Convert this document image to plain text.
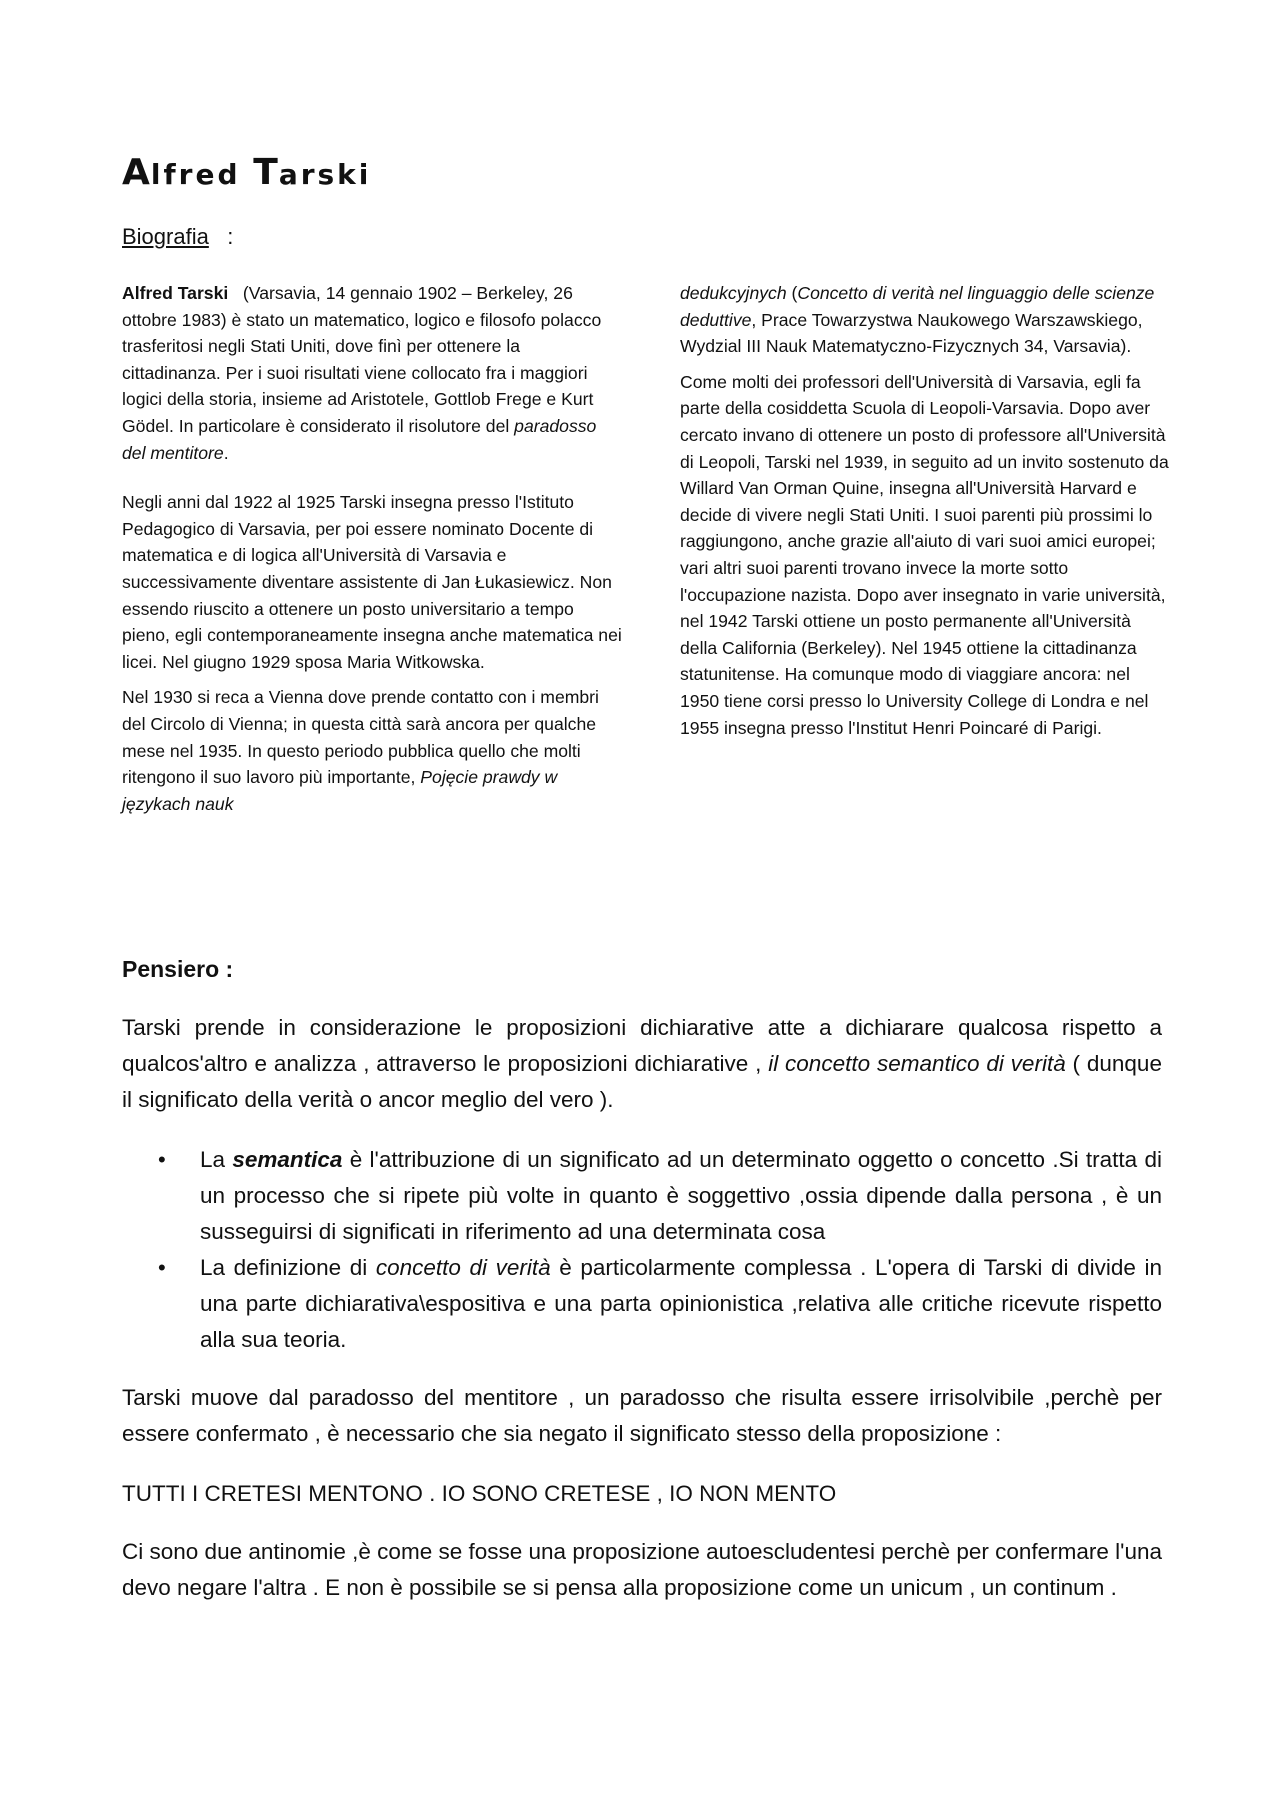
Alfred Tarski
Biografia :

Alfred Tarski (Varsavia, 14 gennaio 1902 – Berkeley, 26 ottobre 1983) è stato un matematico, logico e filosofo polacco trasferitosi negli Stati Uniti, dove finì per ottenere la cittadinanza. Per i suoi risultati viene collocato fra i maggiori logici della storia, insieme ad Aristotele, Gottlob Frege e Kurt Gödel. In particolare è considerato il risolutore del paradosso del mentitore.

Negli anni dal 1922 al 1925 Tarski insegna presso l'Istituto Pedagogico di Varsavia, per poi essere nominato Docente di matematica e di logica all'Università di Varsavia e successivamente diventare assistente di Jan Łukasiewicz. Non essendo riuscito a ottenere un posto universitario a tempo pieno, egli contemporaneamente insegna anche matematica nei licei. Nel giugno 1929 sposa Maria Witkowska.

Nel 1930 si reca a Vienna dove prende contatto con i membri del Circolo di Vienna; in questa città sarà ancora per qualche mese nel 1935. In questo periodo pubblica quello che molti ritengono il suo lavoro più importante, Pojęcie prawdy w językach nauk

dedukcyjnych (Concetto di verità nel linguaggio delle scienze deduttive, Prace Towarzystwa Naukowego Warszawskiego, Wydzial III Nauk Matematyczno-Fizycznych 34, Varsavia).

Come molti dei professori dell'Università di Varsavia, egli fa parte della cosiddetta Scuola di Leopoli-Varsavia. Dopo aver cercato invano di ottenere un posto di professore all'Università di Leopoli, Tarski nel 1939, in seguito ad un invito sostenuto da Willard Van Orman Quine, insegna all'Università Harvard e decide di vivere negli Stati Uniti. I suoi parenti più prossimi lo raggiungono, anche grazie all'aiuto di vari suoi amici europei; vari altri suoi parenti trovano invece la morte sotto l'occupazione nazista. Dopo aver insegnato in varie università, nel 1942 Tarski ottiene un posto permanente all'Università della California (Berkeley). Nel 1945 ottiene la cittadinanza statunitense. Ha comunque modo di viaggiare ancora: nel 1950 tiene corsi presso lo University College di Londra e nel 1955 insegna presso l'Institut Henri Poincaré di Parigi.

Pensiero :
Tarski prende in considerazione le proposizioni dichiarative atte a dichiarare qualcosa rispetto a qualcos'altro e analizza , attraverso le proposizioni dichiarative , il concetto semantico di verità ( dunque il significato della verità o ancor meglio del vero ).
• La semantica è l'attribuzione di un significato ad un determinato oggetto o concetto .Si tratta di un processo che si ripete più volte in quanto è soggettivo ,ossia dipende dalla persona , è un susseguirsi di significati in riferimento ad una determinata cosa
• La definizione di concetto di verità è particolarmente complessa . L'opera di Tarski di divide in una parte dichiarativa\espositiva e una parta opinionistica ,relativa alle critiche ricevute rispetto alla sua teoria.
Tarski muove dal paradosso del mentitore , un paradosso che risulta essere irrisolvibile ,perchè per essere confermato , è necessario che sia negato il significato stesso della proposizione :
TUTTI I CRETESI MENTONO . IO SONO CRETESE , IO NON MENTO
Ci sono due antinomie ,è come se fosse una proposizione autoescludentesi perchè per confermare l'una devo negare l'altra . E non è possibile se si pensa alla proposizione come un unicum , un continum .
